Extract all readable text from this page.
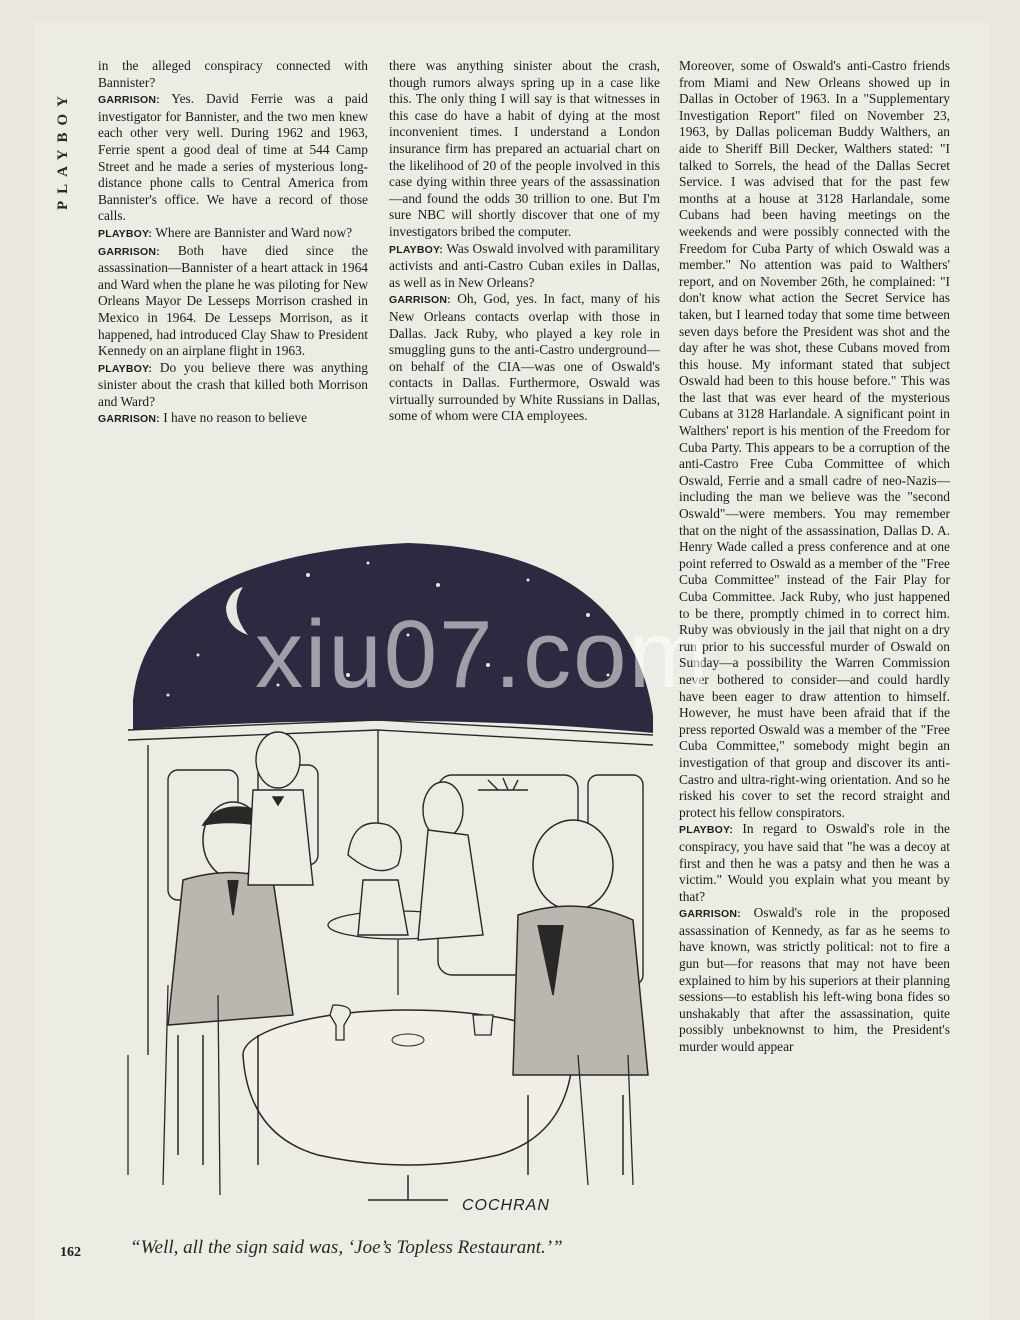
PLAYBOY

in the alleged conspiracy connected with Bannister?

GARRISON: Yes. David Ferrie was a paid investigator for Bannister, and the two men knew each other very well. During 1962 and 1963, Ferrie spent a good deal of time at 544 Camp Street and he made a series of mysterious long-distance phone calls to Central America from Bannister's office. We have a record of those calls.

PLAYBOY: Where are Bannister and Ward now?

GARRISON: Both have died since the assassination—Bannister of a heart attack in 1964 and Ward when the plane he was piloting for New Orleans Mayor De Lesseps Morrison crashed in Mexico in 1964. De Lesseps Morrison, as it happened, had introduced Clay Shaw to President Kennedy on an airplane flight in 1963.

PLAYBOY: Do you believe there was anything sinister about the crash that killed both Morrison and Ward?

GARRISON: I have no reason to believe

there was anything sinister about the crash, though rumors always spring up in a case like this. The only thing I will say is that witnesses in this case do have a habit of dying at the most inconvenient times. I understand a London insurance firm has prepared an actuarial chart on the likelihood of 20 of the people involved in this case dying within three years of the assassination—and found the odds 30 trillion to one. But I'm sure NBC will shortly discover that one of my investigators bribed the computer.

PLAYBOY: Was Oswald involved with paramilitary activists and anti-Castro Cuban exiles in Dallas, as well as in New Orleans?

GARRISON: Oh, God, yes. In fact, many of his New Orleans contacts overlap with those in Dallas. Jack Ruby, who played a key role in smuggling guns to the anti-Castro underground—on behalf of the CIA—was one of Oswald's contacts in Dallas. Furthermore, Oswald was virtually surrounded by White Russians in Dallas, some of whom were CIA employees.

Moreover, some of Oswald's anti-Castro friends from Miami and New Orleans showed up in Dallas in October of 1963. In a "Supplementary Investigation Report" filed on November 23, 1963, by Dallas policeman Buddy Walthers, an aide to Sheriff Bill Decker, Walthers stated: "I talked to Sorrels, the head of the Dallas Secret Service. I was advised that for the past few months at a house at 3128 Harlandale, some Cubans had been having meetings on the weekends and were possibly connected with the Freedom for Cuba Party of which Oswald was a member." No attention was paid to Walthers' report, and on November 26th, he complained: "I don't know what action the Secret Service has taken, but I learned today that some time between seven days before the President was shot and the day after he was shot, these Cubans moved from this house. My informant stated that subject Oswald had been to this house before." This was the last that was ever heard of the mysterious Cubans at 3128 Harlandale. A significant point in Walthers' report is his mention of the Freedom for Cuba Party. This appears to be a corruption of the anti-Castro Free Cuba Committee of which Oswald, Ferrie and a small cadre of neo-Nazis—including the man we believe was the "second Oswald"—were members. You may remember that on the night of the assassination, Dallas D. A. Henry Wade called a press conference and at one point referred to Oswald as a member of the "Free Cuba Committee" instead of the Fair Play for Cuba Committee. Jack Ruby, who just happened to be there, promptly chimed in to correct him. Ruby was obviously in the jail that night on a dry run prior to his successful murder of Oswald on Sunday—a possibility the Warren Commission never bothered to consider—and could hardly have been eager to draw attention to himself. However, he must have been afraid that if the press reported Oswald was a member of the "Free Cuba Committee," somebody might begin an investigation of that group and discover its anti-Castro and ultra-right-wing orientation. And so he risked his cover to set the record straight and protect his fellow conspirators.

PLAYBOY: In regard to Oswald's role in the conspiracy, you have said that "he was a decoy at first and then he was a patsy and then he was a victim." Would you explain what you meant by that?

GARRISON: Oswald's role in the proposed assassination of Kennedy, as far as he seems to have known, was strictly political: not to fire a gun but—for reasons that may not have been explained to him by his superiors at their planning sessions—to establish his left-wing bona fides so unshakably that after the assassination, quite possibly unbeknownst to him, the President's murder would appear

COCHRAN
“Well, all the sign said was, ‘Joe’s Topless Restaurant.’”
162
xiu07.com
